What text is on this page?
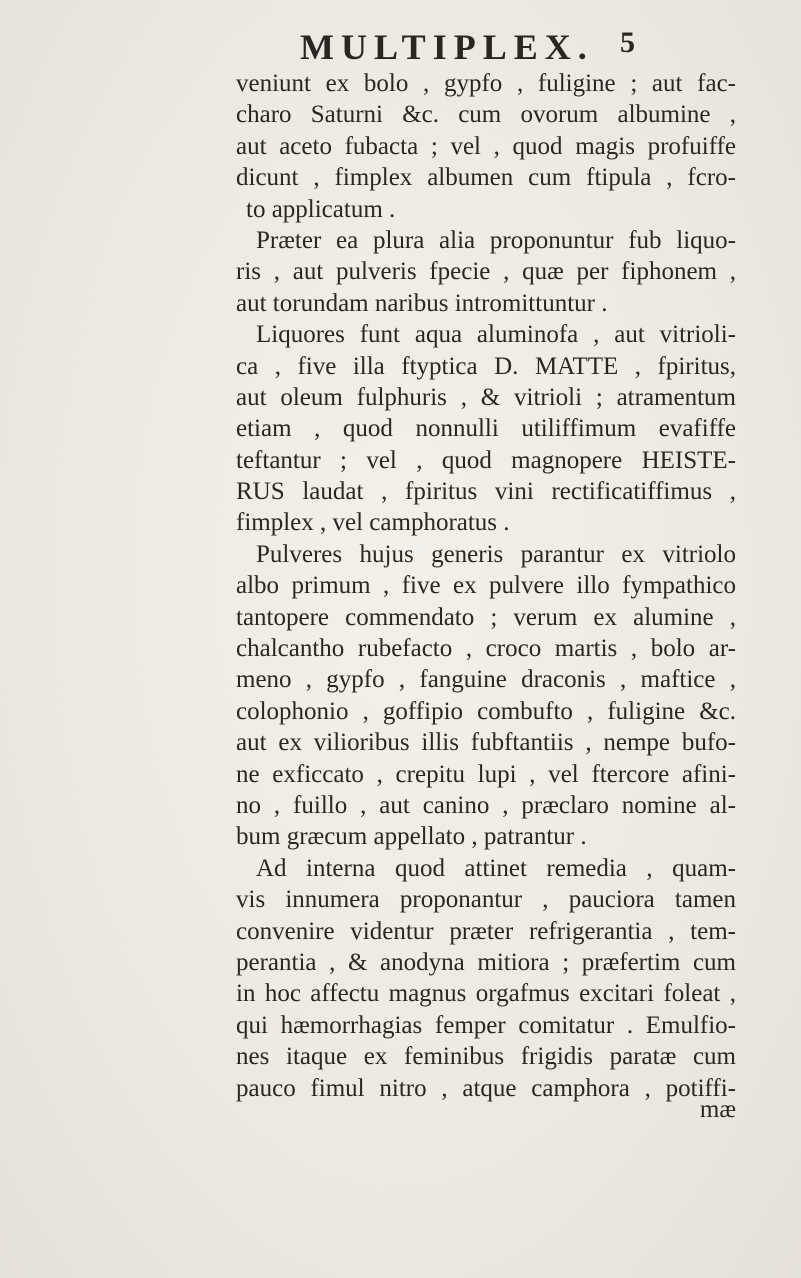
MULTIPLEX. 5
veniunt ex bolo , gypfo , fuligine ; aut fac-
charo Saturni &c. cum ovorum albumine ,
aut aceto fubacta ; vel , quod magis profuiffe
dicunt , fimplex albumen cum ftipula , fcro-
to applicatum .
Præter ea plura alia proponuntur fub liquo-
ris , aut pulveris fpecie , quæ per fiphonem ,
aut torundam naribus intromittuntur .
Liquores funt aqua aluminofa , aut vitrioli-
ca , five illa ftyptica D. MATTE , fpiritus,
aut oleum fulphuris , & vitrioli ; atramentum
etiam , quod nonnulli utiliffimum evafiffe
teftantur ; vel , quod magnopere HEISTE-
RUS laudat , fpiritus vini rectificatiffimus ,
fimplex , vel camphoratus .
Pulveres hujus generis parantur ex vitriolo
albo primum , five ex pulvere illo fympathico
tantopere commendato ; verum ex alumine ,
chalcantho rubefacto , croco martis , bolo ar-
meno , gypfo , fanguine draconis , maftice ,
colophonio , goffipio combufto , fuligine &c.
aut ex vilioribus illis fubftantiis , nempe bufo-
ne exficcato , crepitu lupi , vel ftercore afini-
no , fuillo , aut canino , præclaro nomine al-
bum græcum appellato , patrantur .
Ad interna quod attinet remedia , quam-
vis innumera proponantur , pauciora tamen
convenire videntur præter refrigerantia , tem-
perantia , & anodyna mitiora ; præfertim cum
in hoc affectu magnus orgafmus excitari foleat ,
qui hæmorrhagias femper comitatur . Emulfio-
nes itaque ex feminibus frigidis paratæ cum
pauco fimul nitro , atque camphora , potiffi-
mæ
